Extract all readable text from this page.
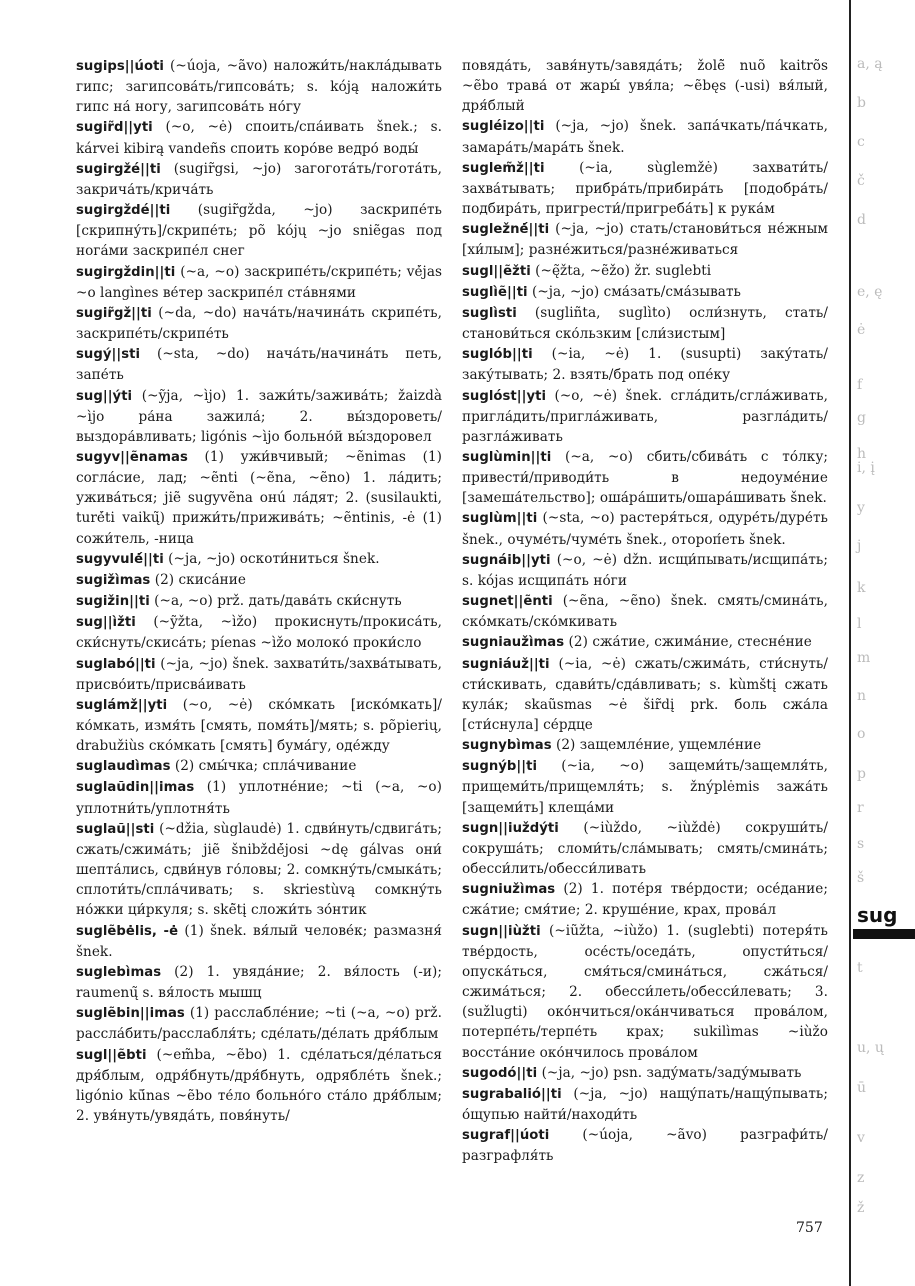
sugips||úoti (~úoja, ~ãvo) наложи́ть/накла́дывать гипс; загипсова́ть/гипсова́ть; s. kóją наложи́ть гипс на́ ногу, загипсова́ть но́гу

sugir̃d||yti (~o, ~ė) споить/спа́ивать šnek.; s. kárvei kibirą vandeñs споить коро́ве ведро́ воды́

sugirgžé||ti (sugir̃gsi, ~jo) загогота́ть/гогота́ть, закрича́ть/крича́ть

sugirgždé||ti (sugir̃gžda, ~jo) заскрипе́ть [скрипну́ть]/скрипе́ть; põ kójų ~jo sniẽgas под нога́ми заскрипе́л снег

sugirgždin||ti (~a, ~o) заскрипе́ть/скрипе́ть; vė́jas ~o langìnes ве́тер заскрипе́л ста́внями

sugir̃gž||ti (~da, ~do) нача́ть/начина́ть скрипе́ть, заскрипе́ть/скрипе́ть

sugý||sti (~sta, ~do) нача́ть/начина́ть петь, запе́ть

sug||ýti (~ỹja, ~ìjo) 1. зажи́ть/зажива́ть; žaizdà ~ìjo ра́на зажила́; 2. вы́здороветь/выздора́вливать; ligónis ~ìjo больно́й вы́здоровел

sugyv||ẽnamas (1) ужи́вчивый; ~ẽnimas (1) согла́сие, лад; ~ẽnti (~ẽna, ~ẽno) 1. ла́дить; ужива́ться; jiẽ sugyvẽna oнú ла́дят; 2. (susilaukti, turė́ti vaikų̃) прижи́ть/прижива́ть; ~ẽntinis, -ė (1) сожи́тель, -ница

sugyvulė́||ti (~ja, ~jo) оскоти́ниться šnek.

sugižìmas (2) скиса́ние

sugižin||ti (~a, ~o) prž. дать/дава́ть ски́снуть

sug||ìžti (~ỹžta, ~ìžo) прокиснуть/прокиса́ть, ски́снуть/скиса́ть; píenas ~ìžo молоко́ проки́сло

suglabó||ti (~ja, ~jo) šnek. захвати́ть/захва́тывать, присво́ить/присва́ивать

suglámž||yti (~o, ~ė) ско́мкать [иско́мкать]/ко́мкать, измя́ть [смять, помя́ть]/мять; s. põpierių, drabužiùs ско́мкать [смять] бума́гу, оде́жду

suglaudìmas (2) смы́чка; спла́чивание

suglaũdin||imas (1) уплотне́ние; ~ti (~a, ~o) уплотни́ть/уплотня́ть

suglaũ||sti (~džia, sùglaudė) 1. сдви́нуть/сдвига́ть; сжать/сжима́ть; jiẽ šnibždė́josi ~dę gálvas они́ шепта́лись, сдви́нув го́ловы; 2. сомкну́ть/смыка́ть; сплоти́ть/спла́чивать; s. skriestùvą сомкну́ть но́жки ци́ркуля; s. skė̃tį сложи́ть зо́нтик

suglẽbėlis, -ė (1) šnek. вя́лый челове́к; размазня́ šnek.

suglebìmas (2) 1. увяда́ние; 2. вя́лость (-и); raumenų̃ s. вя́лость мышц

suglẽbin||imas (1) расслабле́ние; ~ti (~a, ~o) prž. рассла́бить/расслабля́ть; сде́лать/де́лать дря́блым

sugl||ẽbti (~em̃ba, ~ẽbo) 1. сде́латься/де́латься дря́блым, одря́бнуть/дря́бнуть, одрябле́ть šnek.; ligónio kū́nas ~ẽbo те́ло больно́го ста́ло дря́блым; 2. увя́нуть/увяда́ть, повя́нуть/

повяда́ть, завя́нуть/завяда́ть; žolė̃ nuõ kaitrõs ~ẽbo трава́ от жары́ увя́ла; ~ẽbęs (-usi) вя́лый, дря́блый

sugléizo||ti (~ja, ~jo) šnek. запа́чкать/па́чкать, замара́ть/мара́ть šnek.

suglem̃ž||ti (~ia, sùglemžė) захвати́ть/захва́тывать; прибра́ть/прибира́ть [подобра́ть/подбира́ть, пригрести́/пригреба́ть] к рука́м

sugležnė́||ti (~ja, ~jo) стать/станови́ться не́жным [хи́лым]; разне́житься/разне́живаться

sugl||ẽžti (~ę̃žta, ~ẽžo) žr. suglebti

suglìẽ||ti (~ja, ~jo) сма́зать/сма́зывать

suglìsti (sugliñta, suglìto) осли́знуть, стать/станови́ться ско́льзким [сли́зистым]

suglób||ti (~ia, ~ė) 1. (susupti) заку́тать/заку́тывать; 2. взять/брать под опе́ку

suglóst||yti (~o, ~ė) šnek. сгла́дить/сгла́живать, пригла́дить/пригла́живать, разгла́дить/разгла́живать

suglùmin||ti (~a, ~o) сбить/сбива́ть с то́лку; привести́/приводи́ть в недоуме́ние [замеша́тельство]; оша́ра́шить/ошара́шивать šnek.

suglùm||ti (~sta, ~o) растеря́ться, одуре́ть/дуре́ть šnek., очуме́ть/чуме́ть šnek., отороп́еть šnek.

sugnáib||yti (~o, ~ė) džn. исщи́пывать/исщипа́ть; s. kójas исщипа́ть но́ги

sugnet||ẽnti (~ẽna, ~ẽno) šnek. смять/смина́ть, ско́мкать/ско́мкивать

sugniaužìmas (2) сжа́тие, сжима́ние, стесне́ние

sugniáuž||ti (~ia, ~ė) сжать/сжима́ть, сти́снуть/сти́скивать, сдави́ть/сда́вливать; s. kùmštį сжать кула́к; skaũsmas ~ė šir̃dį prk. боль сжа́ла [сти́снула] се́рдце

sugnybìmas (2) защемле́ние, ущемле́ние

sugnýb||ti (~ia, ~o) защеми́ть/защемля́ть, прищеми́ть/прищемля́ть; s. žnýplėmis зажа́ть [защеми́ть] клеща́ми

sugn||iuždýti (~iùždo, ~iùždė) сокруши́ть/сокруша́ть; сломи́ть/сла́мывать; смять/смина́ть; обесси́лить/обесси́ливать

sugniužìmas (2) 1. поте́ря тве́рдости; осе́дание; сжа́тие; смя́тие; 2. круше́ние, крах, прова́л

sugn||iùžti (~iũžta, ~iùžo) 1. (suglebti) потеря́ть тве́рдость, осе́сть/оседа́ть, опусти́ться/опуска́ться, смя́ться/смина́ться, сжа́ться/сжима́ться; 2. обесси́леть/обесси́левать; 3. (sužlugti) око́нчиться/ока́нчиваться прова́лом, потерпе́ть/терпе́ть крах; sukilìmas ~iùžo восста́ние око́нчилось прова́лом

sugodó||ti (~ja, ~jo) psn. заду́мать/заду́мывать

sugrabalió||ti (~ja, ~jo) нащу́пать/нащу́пывать; о́щупью найти́/находи́ть

sugraf||úoti (~úoja, ~ãvo) разграфи́ть/разграфля́ть

a, ą
b
c
č
d
e, ę
ė
f
g
h
i, į
y
j
k
l
m
n
o
p
r
s
š
t
u, ų
ū
v
z
ž
sug
757
